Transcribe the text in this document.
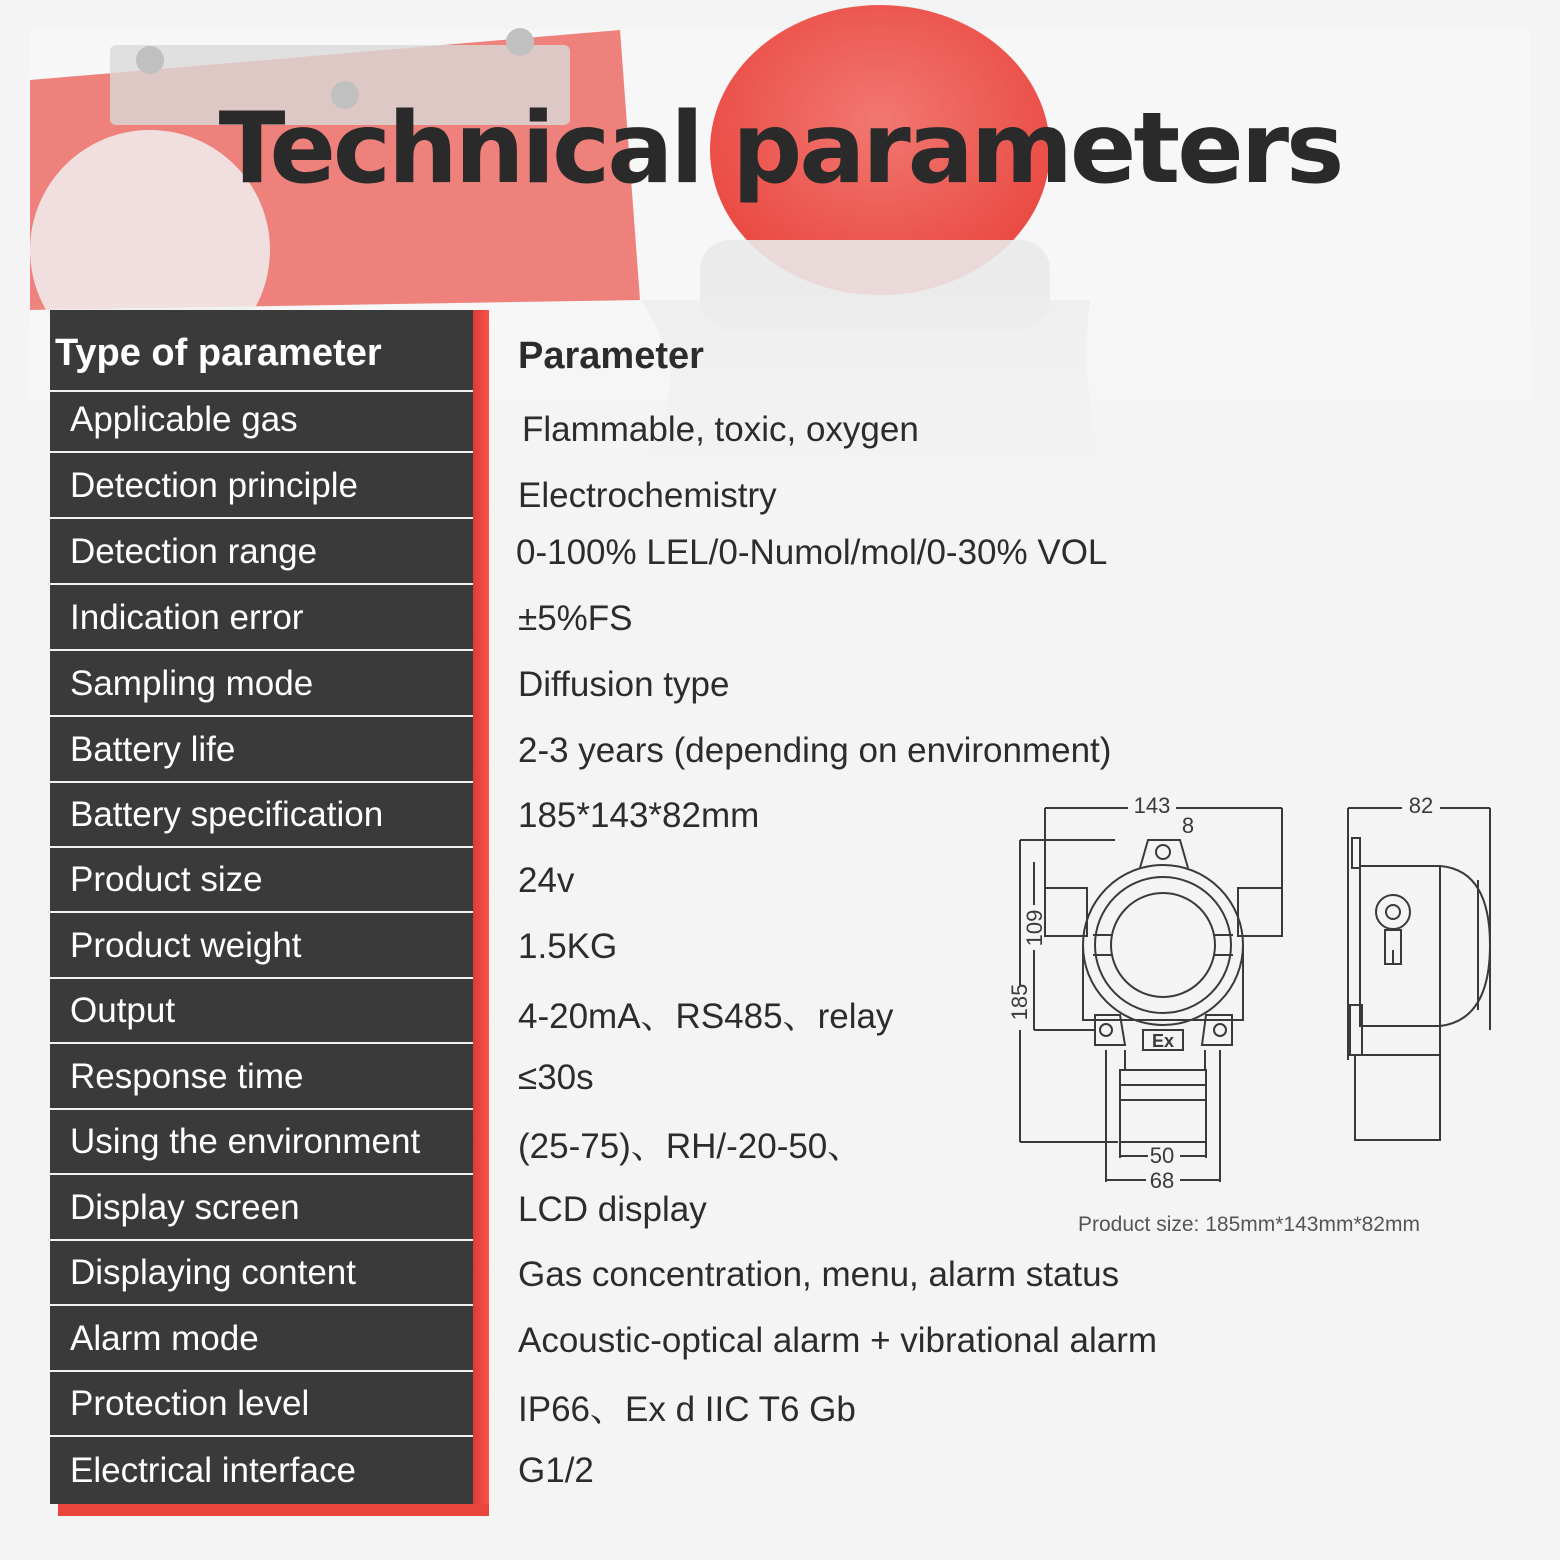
Technical parameters
Type of parameter	Parameter
Applicable gas	Flammable, toxic, oxygen
Detection principle	Electrochemistry
Detection range	0-100% LEL/0-Numol/mol/0-30% VOL
Indication error	±5%FS
Sampling mode	Diffusion type
Battery life	2-3 years (depending on environment)
Battery specification	185*143*82mm
Product size	24v
Product weight	1.5KG
Output	4-20mA、RS485、relay
Response time	≤30s
Using the environment	(25-75)、RH/-20-50、
Display screen	LCD display
Displaying content	Gas concentration, menu, alarm status
Alarm mode	Acoustic-optical alarm + vibrational alarm
Protection level	IP66、Ex d IIC T6 Gb
Electrical interface	G1/2
143
8
82
50
68
Ex
109
185
Product size: 185mm*143mm*82mm
